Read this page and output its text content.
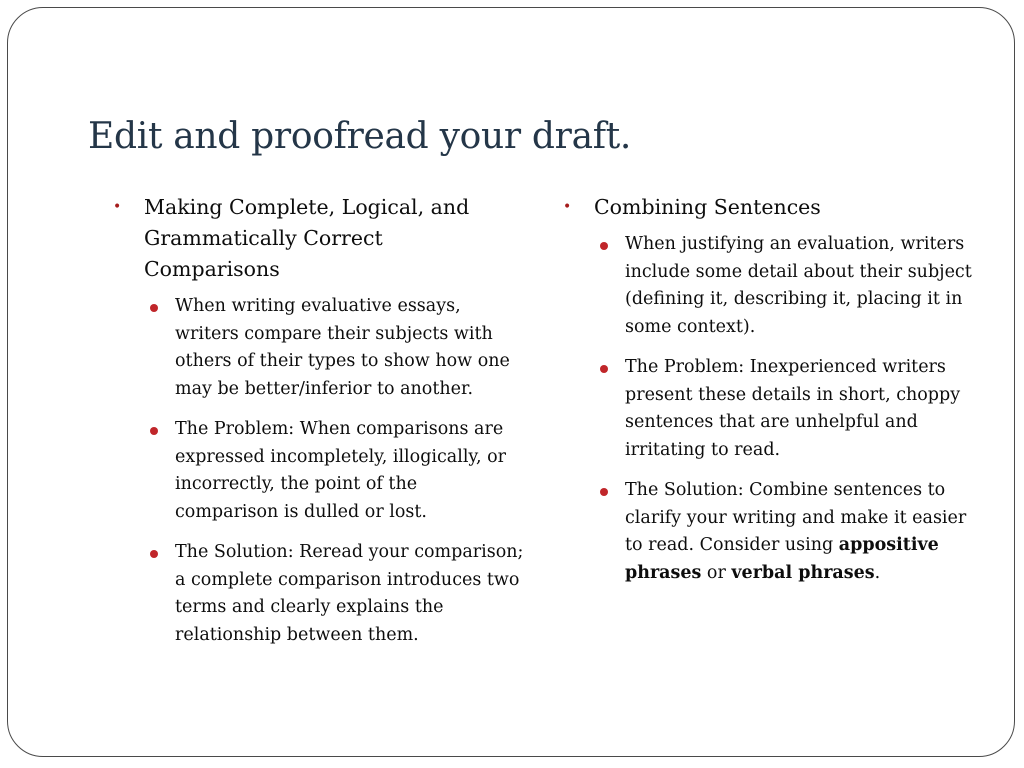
Edit and proofread your draft.
• Making Complete, Logical, and Grammatically Correct Comparisons
When writing evaluative essays, writers compare their subjects with others of their types to show how one may be better/inferior to another.
The Problem: When comparisons are expressed incompletely, illogically, or incorrectly, the point of the comparison is dulled or lost.
The Solution: Reread your comparison; a complete comparison introduces two terms and clearly explains the relationship between them.
• Combining Sentences
When justifying an evaluation, writers include some detail about their subject (defining it, describing it, placing it in some context).
The Problem: Inexperienced writers present these details in short, choppy sentences that are unhelpful and irritating to read.
The Solution: Combine sentences to clarify your writing and make it easier to read. Consider using appositive phrases or verbal phrases.
